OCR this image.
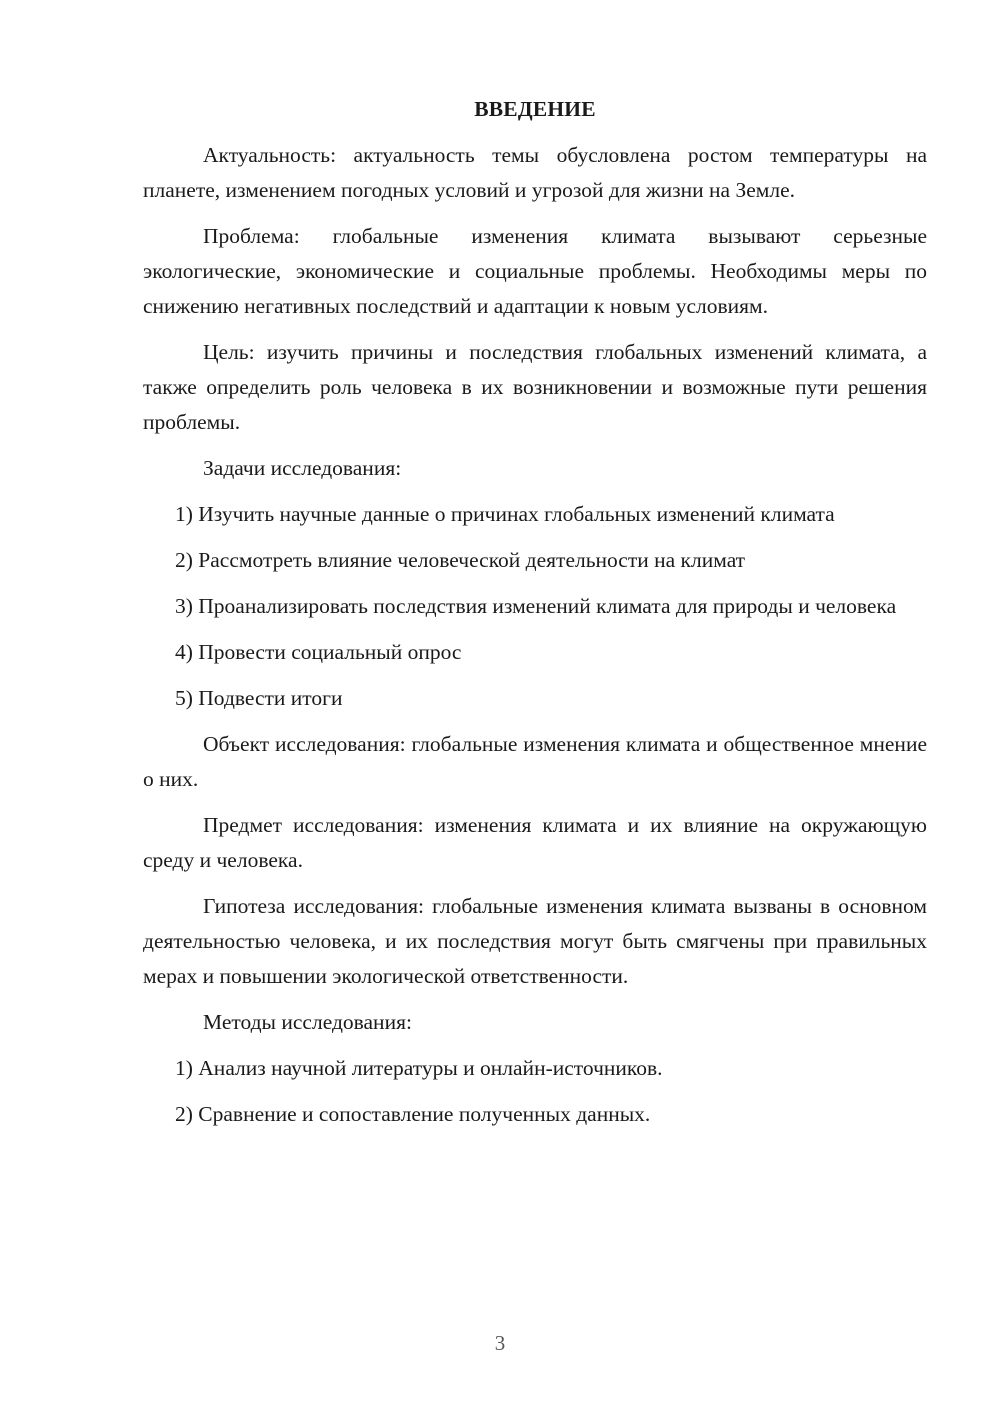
ВВЕДЕНИЕ
Актуальность: актуальность темы обусловлена ростом температуры на планете, изменением погодных условий и угрозой для жизни на Земле.
Проблема: глобальные изменения климата вызывают серьезные экологические, экономические и социальные проблемы. Необходимы меры по снижению негативных последствий и адаптации к новым условиям.
Цель: изучить причины и последствия глобальных изменений климата, а также определить роль человека в их возникновении и возможные пути решения проблемы.
Задачи исследования:
1) Изучить научные данные о причинах глобальных изменений климата
2) Рассмотреть влияние человеческой деятельности на климат
3) Проанализировать последствия изменений климата для природы и человека
4) Провести социальный опрос
5) Подвести итоги
Объект исследования: глобальные изменения климата и общественное мнение о них.
Предмет исследования: изменения климата и их влияние на окружающую среду и человека.
Гипотеза исследования: глобальные изменения климата вызваны в основном деятельностью человека, и их последствия могут быть смягчены при правильных мерах и повышении экологической ответственности.
Методы исследования:
1) Анализ научной литературы и онлайн-источников.
2) Сравнение и сопоставление полученных данных.
3
